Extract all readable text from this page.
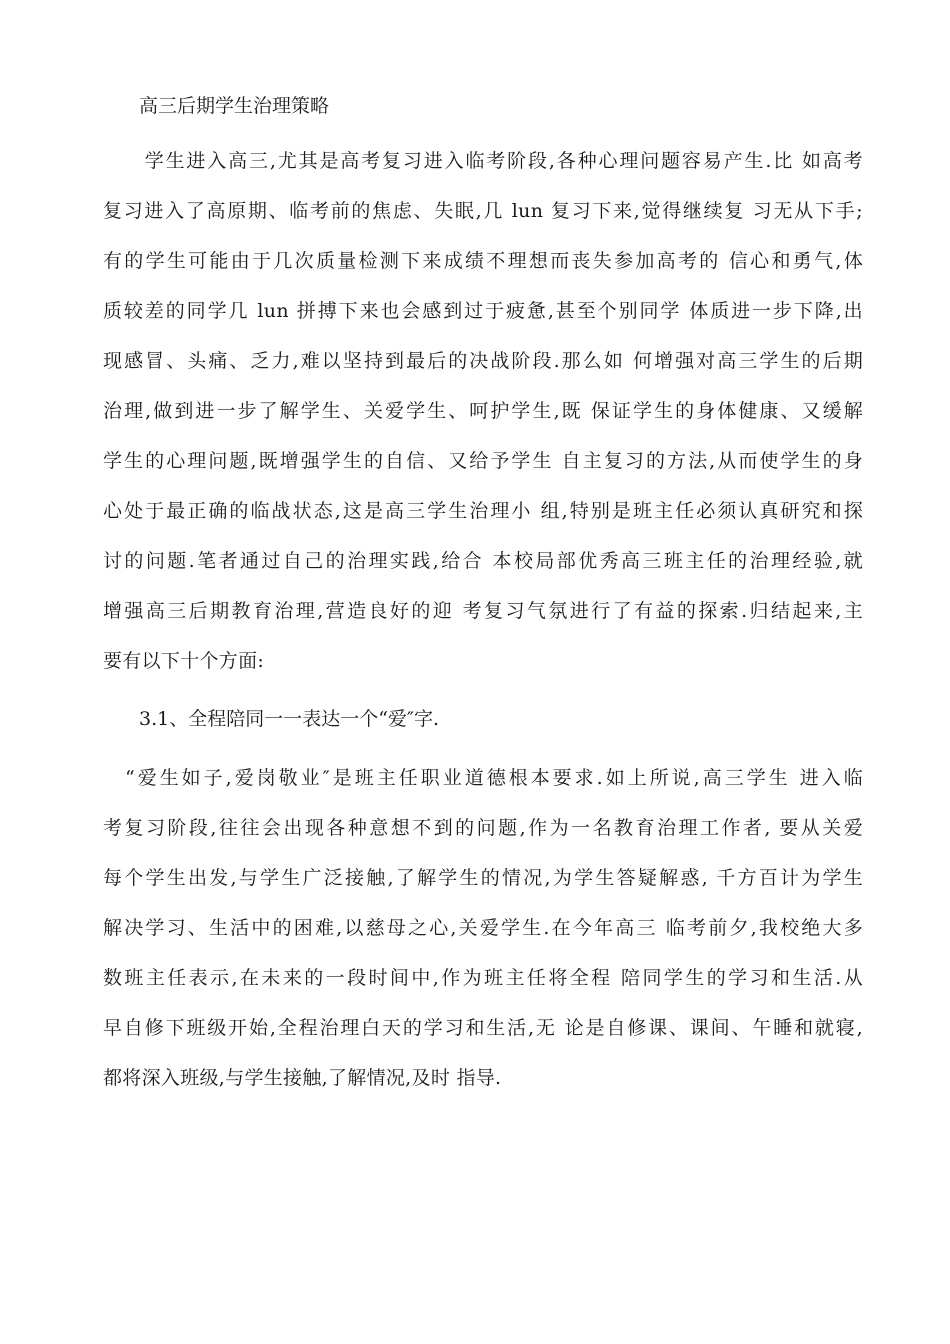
高三后期学生治理策略
　　学生进入高三,尤其是高考复习进入临考阶段,各种心理问题容易产生.比 如高考
复习进入了高原期、临考前的焦虑、失眠,几 lun 复习下来,觉得继续复 习无从下手;
有的学生可能由于几次质量检测下来成绩不理想而丧失参加高考的 信心和勇气,体
质较差的同学几 lun 拼搏下来也会感到过于疲惫,甚至个别同学 体质进一步下降,出
现感冒、头痛、乏力,难以坚持到最后的决战阶段.那么如 何增强对高三学生的后期
治理,做到进一步了解学生、关爱学生、呵护学生,既 保证学生的身体健康、又缓解
学生的心理问题,既增强学生的自信、又给予学生 自主复习的方法,从而使学生的身
心处于最正确的临战状态,这是高三学生治理小 组,特别是班主任必须认真研究和探
讨的问题.笔者通过自己的治理实践,给合 本校局部优秀高三班主任的治理经验,就
增强高三后期教育治理,营造良好的迎 考复习气氛进行了有益的探索.归结起来,主
要有以下十个方面:
3.1、全程陪同一一表达一个“爱″字.
　“爱生如子,爱岗敬业″是班主任职业道德根本要求.如上所说,高三学生 进入临
考复习阶段,往往会出现各种意想不到的问题,作为一名教育治理工作者, 要从关爱
每个学生出发,与学生广泛接触,了解学生的情况,为学生答疑解惑, 千方百计为学生
解决学习、生活中的困难,以慈母之心,关爱学生.在今年高三 临考前夕,我校绝大多
数班主任表示,在未来的一段时间中,作为班主任将全程 陪同学生的学习和生活.从
早自修下班级开始,全程治理白天的学习和生活,无 论是自修课、课间、午睡和就寝,
都将深入班级,与学生接触,了解情况,及时 指导.
